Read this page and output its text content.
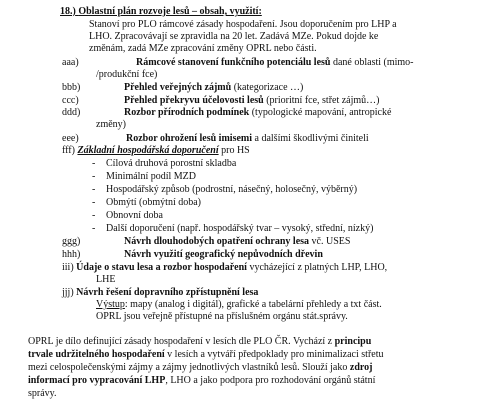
18.) Oblastní plán rozvoje lesů – obsah, využití:
Stanoví pro PLO rámcové zásady hospodaření. Jsou doporučením pro LHP a
LHO. Zpracovávají se zpravidla na 20 let. Zadává MZe. Pokud dojde ke
změnám, zadá MZe zpracování změny OPRL nebo části.
aaa)	Rámcové stanovení funkčního potenciálu lesů dané oblasti (mimo-
/produkční fce)
bbb)	Přehled veřejných zájmů (kategorizace …)
ccc)	Přehled překryvu účelovosti lesů (prioritní fce, střet zájmů…)
ddd)	Rozbor přírodních podmínek (typologické mapování, antropické
změny)
eee)	Rozbor ohrožení lesů imisemi a dalšími škodlivými činiteli
fff) Základní hospodářská doporučení pro HS
- Cílová druhová porostní skladba
- Minimální podíl MZD
- Hospodářský způsob (podrostní, násečný, holosečný, výběrný)
- Obmýtí (obmýtní doba)
- Obnovní doba
- Další doporučení (např. hospodářský tvar – vysoký, střední, nízký)
ggg)	Návrh dlouhodobých opatření ochrany lesa vč. USES
hhh)	Návrh využití geografický nepůvodních dřevin
iii) Údaje o stavu lesa a rozbor hospodaření vycházející z platných LHP, LHO,
LHE
jjj) Návrh řešení dopravního zpřístupnění lesa
Výstup: mapy (analog i digitál), grafické a tabelární přehledy a txt část.
OPRL jsou veřejně přístupné na příslušném orgánu stát.správy.
OPRL je dílo definující zásady hospodaření v lesích dle PLO ČR. Vychází z principu
trvale udržitelného hospodaření v lesích a vytváří předpoklady pro minimalizaci střetu
mezi celospolečenskými zájmy a zájmy jednotlivých vlastníků lesů. Slouží jako zdroj
informací pro vypracování LHP, LHO a jako podpora pro rozhodování orgánů státní
správy.
